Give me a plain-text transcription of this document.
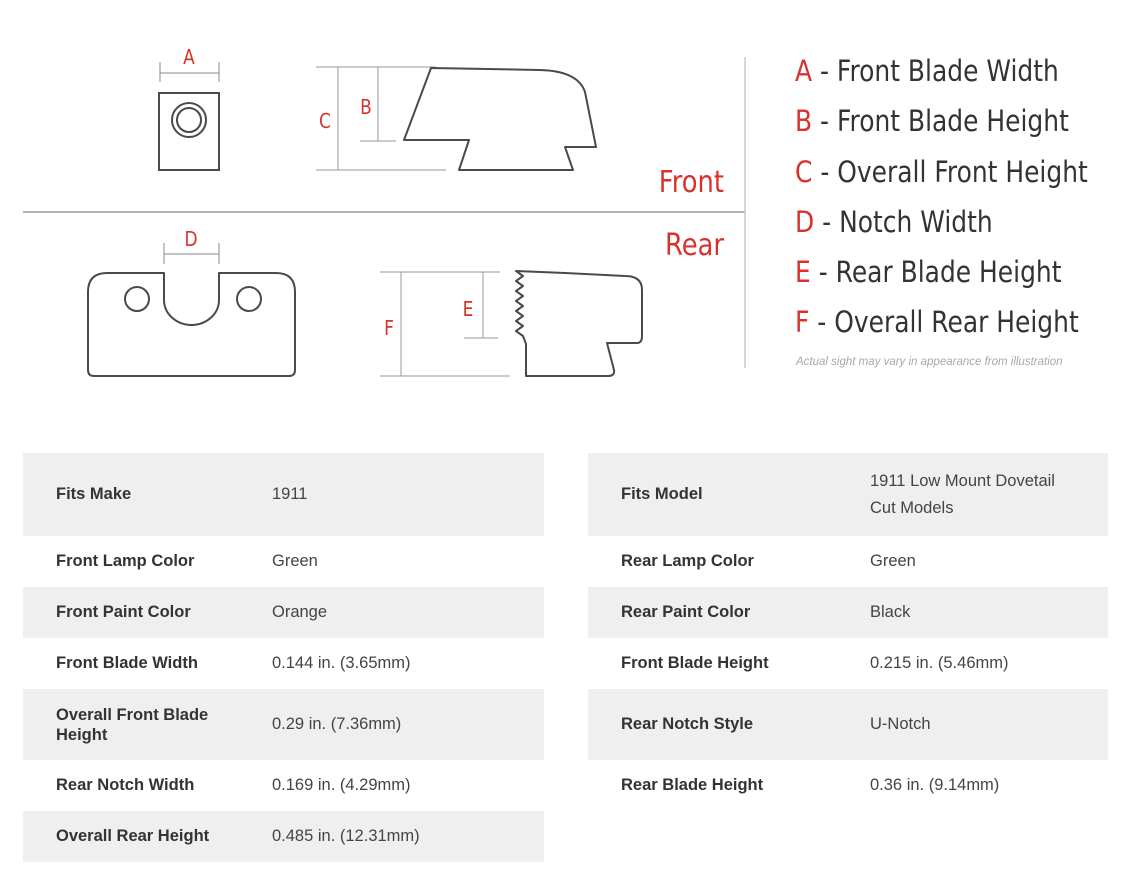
A
C
B
Front
Rear
D
F
E
A - Front Blade Width
B - Front Blade Height
C - Overall Front Height
D - Notch Width
E - Rear Blade Height
F - Overall Rear Height
Actual sight may vary in appearance from illustration
Fits Make	1911
Front Lamp Color	Green
Front Paint Color	Orange
Front Blade Width	0.144 in. (3.65mm)

Overall Front Blade Height	0.29 in. (7.36mm)
Rear Notch Width	0.169 in. (4.29mm)
Overall Rear Height	0.485 in. (12.31mm)
Fits Model	1911 Low Mount Dovetail Cut Models

Rear Lamp Color	Green
Rear Paint Color	Black
Front Blade Height	0.215 in. (5.46mm)
Rear Notch Style	U-Notch
Rear Blade Height	0.36 in. (9.14mm)
